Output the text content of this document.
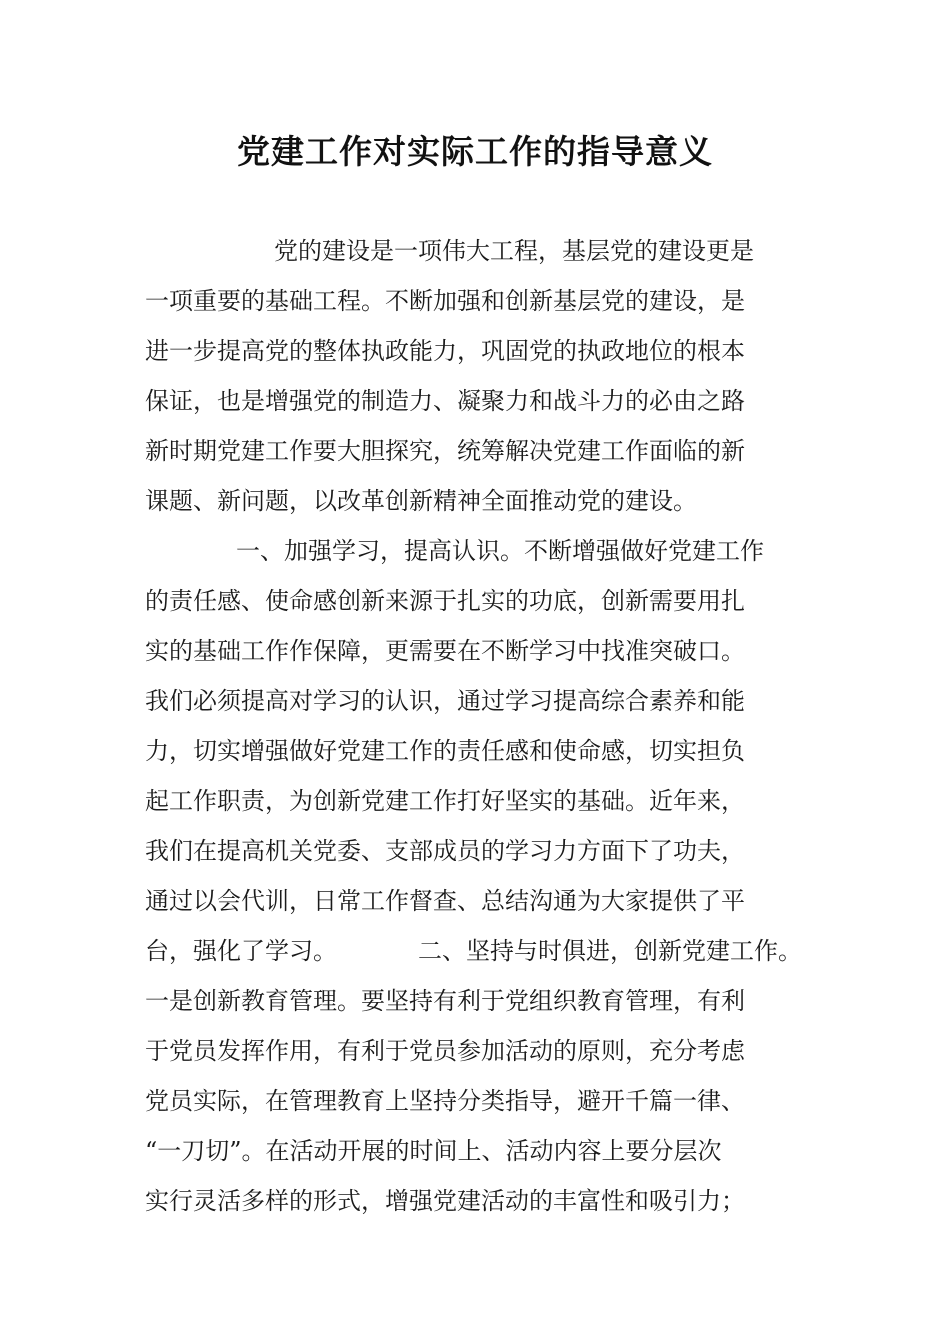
党建工作对实际工作的指导意义

党的建设是一项伟大工程，基层党的建设更是

一项重要的基础工程。不断加强和创新基层党的建设，是

进一步提高党的整体执政能力，巩固党的执政地位的根本

保证，也是增强党的制造力、凝聚力和战斗力的必由之路

新时期党建工作要大胆探究，统筹解决党建工作面临的新

课题、新问题，以改革创新精神全面推动党的建设。

一、加强学习，提高认识。不断增强做好党建工作

的责任感、使命感创新来源于扎实的功底，创新需要用扎

实的基础工作作保障，更需要在不断学习中找准突破口。

我们必须提高对学习的认识，通过学习提高综合素养和能

力，切实增强做好党建工作的责任感和使命感，切实担负

起工作职责，为创新党建工作打好坚实的基础。近年来，

我们在提高机关党委、支部成员的学习力方面下了功夫，

通过以会代训，日常工作督查、总结沟通为大家提供了平

台，强化了学习。	二、坚持与时俱进，创新党建工作。

一是创新教育管理。要坚持有利于党组织教育管理，有利

于党员发挥作用，有利于党员参加活动的原则，充分考虑

党员实际，在管理教育上坚持分类指导，避开千篇一律、

“一刀切”。在活动开展的时间上、活动内容上要分层次

实行灵活多样的形式，增强党建活动的丰富性和吸引力；
